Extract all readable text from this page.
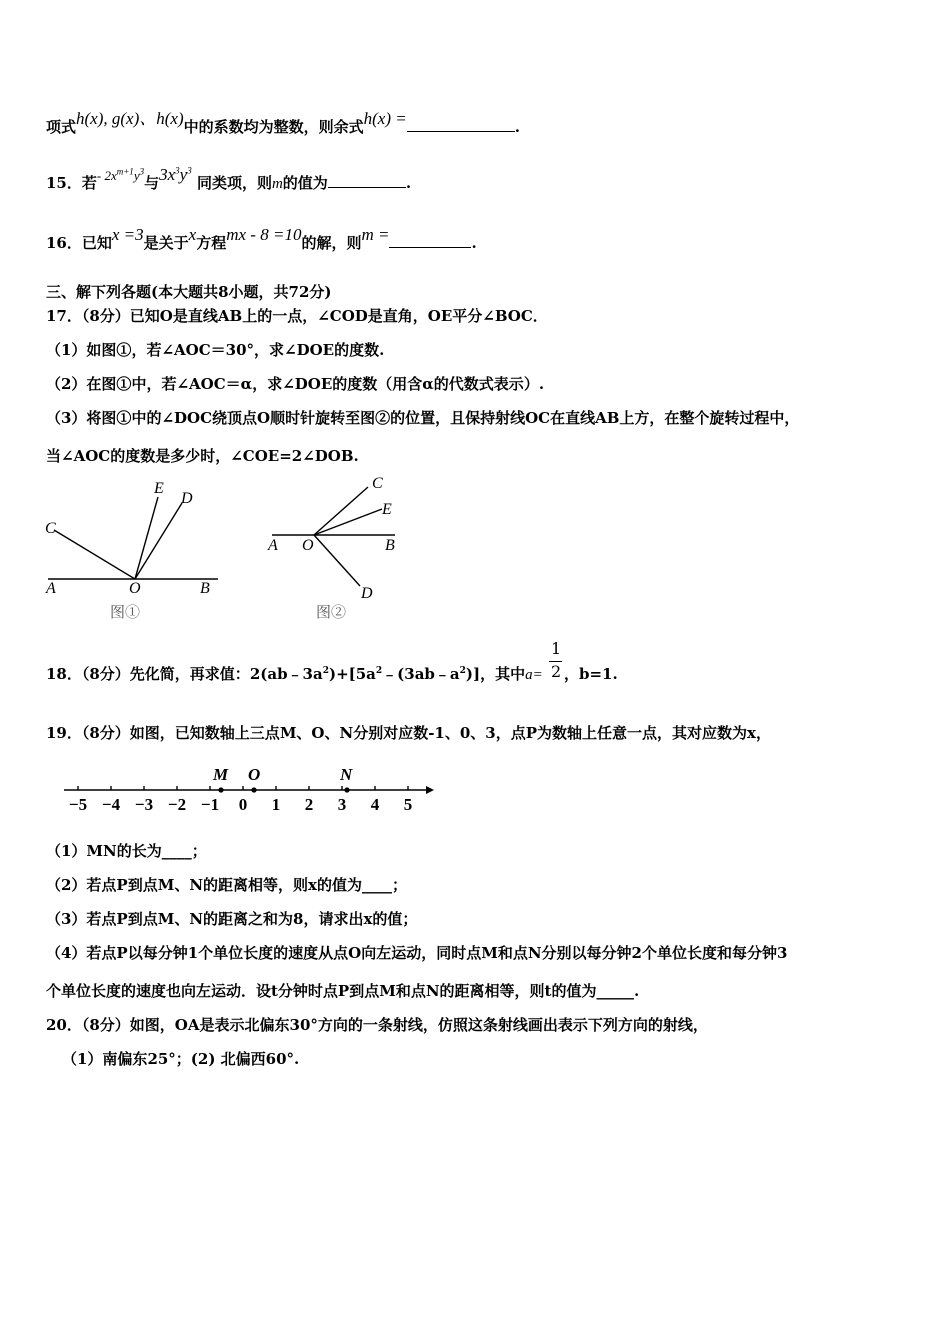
项式h(x), g(x)、h(x)中的系数均为整数，则余式h(x) =	.
15．若- $2x^{m+1}y^3$与$3x^3y^3$ 同类项，则m的值为	.
16．已知x =3是关于x方程mx - 8 =10的解，则m =	.
三、解下列各题(本大题共8小题，共72分)
17．（8分）已知O是直线AB上的一点，∠COD是直角，OE平分∠BOC．
（1）如图①，若∠AOC＝30°，求∠DOE的度数.
（2）在图①中，若∠AOC＝α，求∠DOE的度数（用含α的代数式表示）.
（3）将图①中的∠DOC绕顶点O顺时针旋转至图②的位置，且保持射线OC在直线AB上方，在整个旋转过程中，
当∠AOC的度数是多少时，∠COE=2∠DOB.
E
D
C
A	O	B
图①
C
E
A O	B
D
图②
18．（8分）先化简，再求值：$2(ab﹣3a^2)+[5a^2﹣(3ab﹣a^2)]$，其中$a= \frac{1}{2}$ ，b=1.
19．（8分）如图，已知数轴上三点M、O、N分别对应数-1、0、3，点P为数轴上任意一点，其对应数为x，
−5 −4 −3 −2 −1 0 1 2 3 4 5
M O	N
（1）MN的长为____；
（2）若点P到点M、N的距离相等，则x的值为____；
（3）若点P到点M、N的距离之和为8，请求出x的值；
（4）若点P以每分钟1个单位长度的速度从点O向左运动，同时点M和点N分别以每分钟2个单位长度和每分钟3
个单位长度的速度也向左运动．设t分钟时点P到点M和点N的距离相等，则t的值为_____.
20．（8分）如图，OA是表示北偏东30°方向的一条射线，仿照这条射线画出表示下列方向的射线，
（1）南偏东25°；(2) 北偏西60°.
